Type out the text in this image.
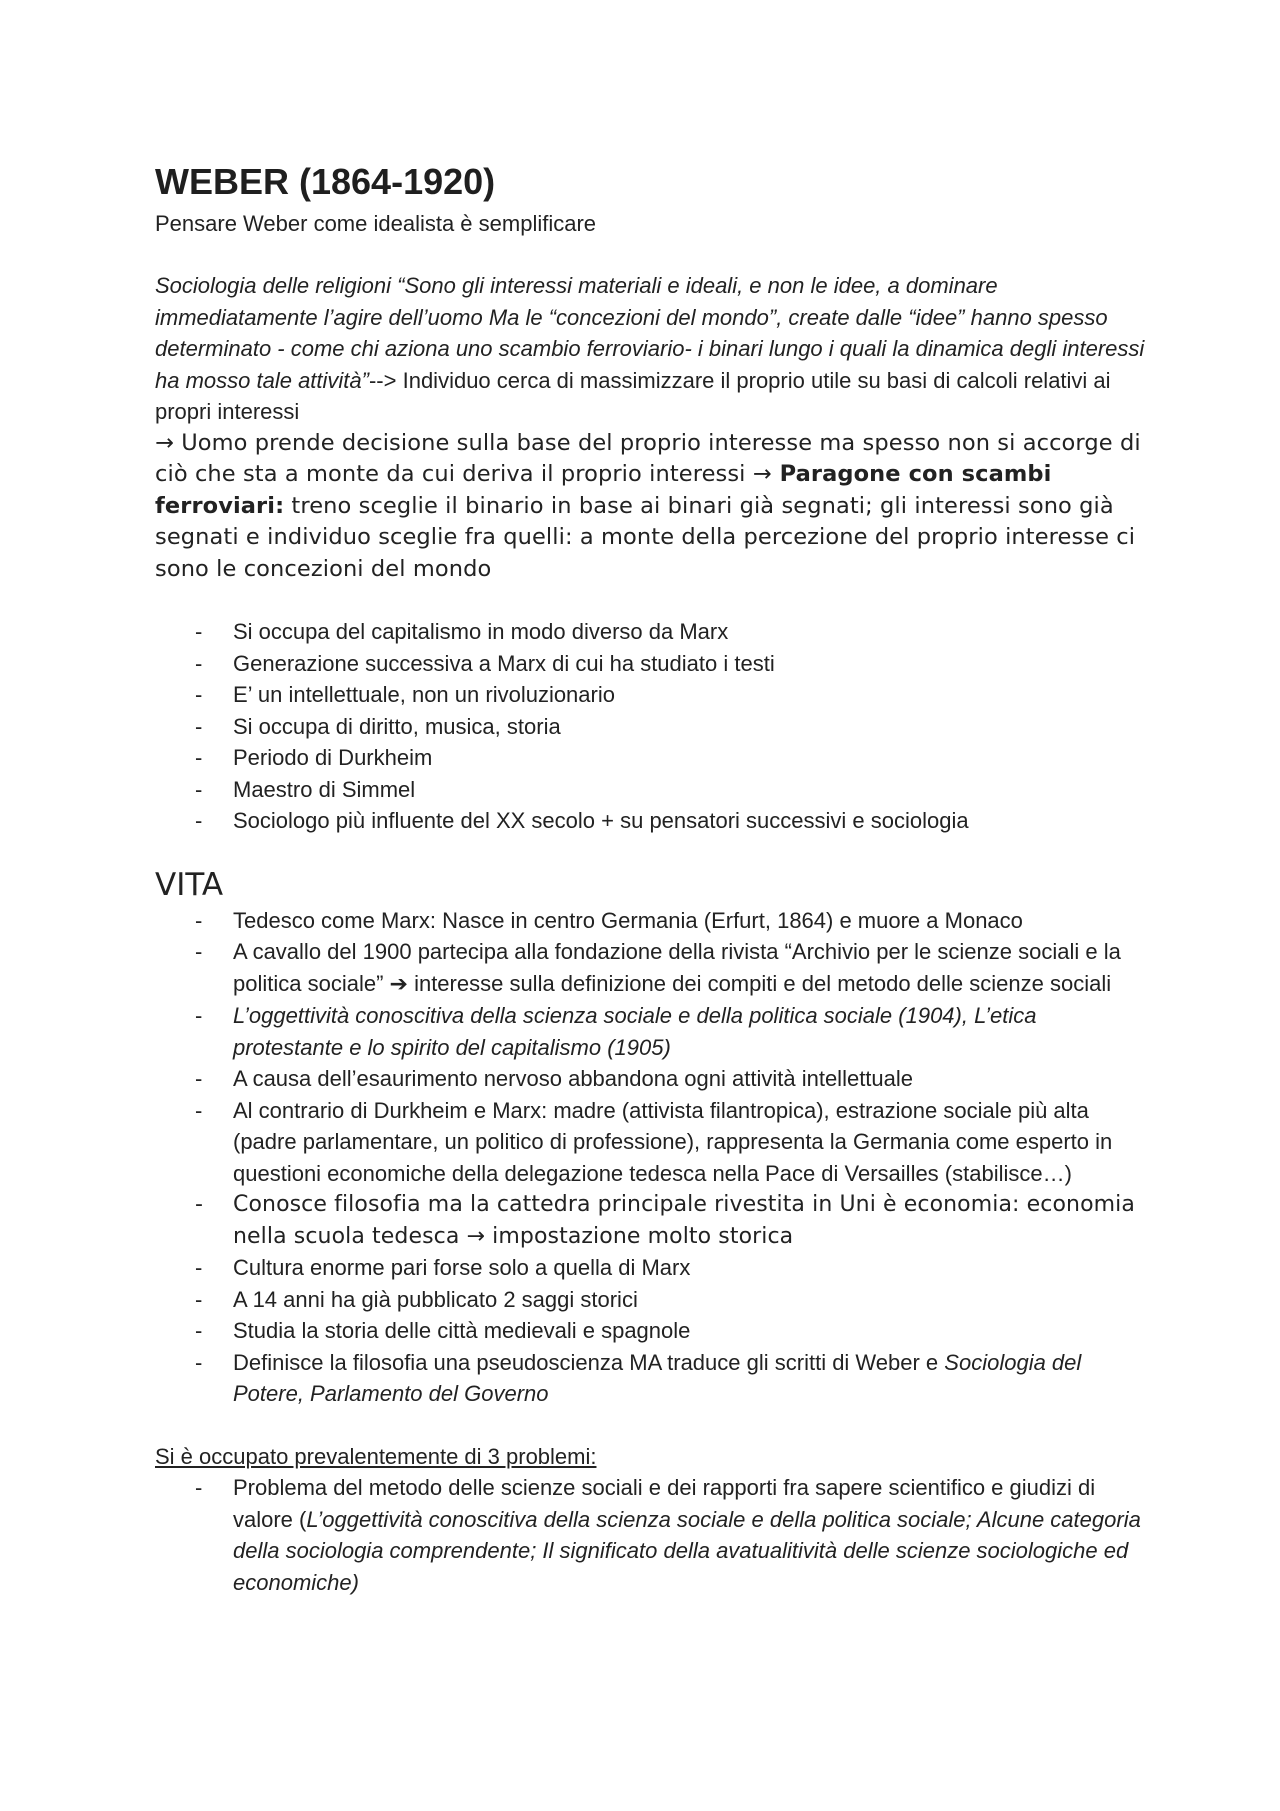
WEBER (1864-1920)

Pensare Weber come idealista è semplificare

Sociologia delle religioni “Sono gli interessi materiali e ideali, e non le idee, a dominare immediatamente l’agire dell’uomo Ma le “concezioni del mondo”, create dalle “idee” hanno spesso determinato - come chi aziona uno scambio ferroviario- i binari lungo i quali la dinamica degli interessi ha mosso tale attività”--> Individuo cerca di massimizzare il proprio utile su basi di calcoli relativi ai propri interessi

→ Uomo prende decisione sulla base del proprio interesse ma spesso non si accorge di ciò che sta a monte da cui deriva il proprio interessi → Paragone con scambi ferroviari: treno sceglie il binario in base ai binari già segnati; gli interessi sono già segnati e individuo sceglie fra quelli: a monte della percezione del proprio interesse ci sono le concezioni del mondo

- Si occupa del capitalismo in modo diverso da Marx
- Generazione successiva a Marx di cui ha studiato i testi
- E’ un intellettuale, non un rivoluzionario
- Si occupa di diritto, musica, storia
- Periodo di Durkheim
- Maestro di Simmel
- Sociologo più influente del XX secolo + su pensatori successivi e sociologia
VITA
- Tedesco come Marx: Nasce in centro Germania (Erfurt, 1864) e muore a Monaco
- A cavallo del 1900 partecipa alla fondazione della rivista “Archivio per le scienze sociali e la politica sociale” ➔ interesse sulla definizione dei compiti e del metodo delle scienze sociali
- L’oggettività conoscitiva della scienza sociale e della politica sociale (1904), L’etica protestante e lo spirito del capitalismo (1905)
- A causa dell’esaurimento nervoso abbandona ogni attività intellettuale
- Al contrario di Durkheim e Marx: madre (attivista filantropica), estrazione sociale più alta (padre parlamentare, un politico di professione), rappresenta la Germania come esperto in questioni economiche della delegazione tedesca nella Pace di Versailles (stabilisce…)
- Conosce filosofia ma la cattedra principale rivestita in Uni è economia: economia nella scuola tedesca → impostazione molto storica
- Cultura enorme pari forse solo a quella di Marx
- A 14 anni ha già pubblicato 2 saggi storici
- Studia la storia delle città medievali e spagnole
- Definisce la filosofia una pseudoscienza MA traduce gli scritti di Weber e Sociologia del Potere, Parlamento del Governo

Si è occupato prevalentemente di 3 problemi:

- Problema del metodo delle scienze sociali e dei rapporti fra sapere scientifico e giudizi di valore (L’oggettività conoscitiva della scienza sociale e della politica sociale; Alcune categoria della sociologia comprendente; Il significato della avatualitività delle scienze sociologiche ed economiche)
